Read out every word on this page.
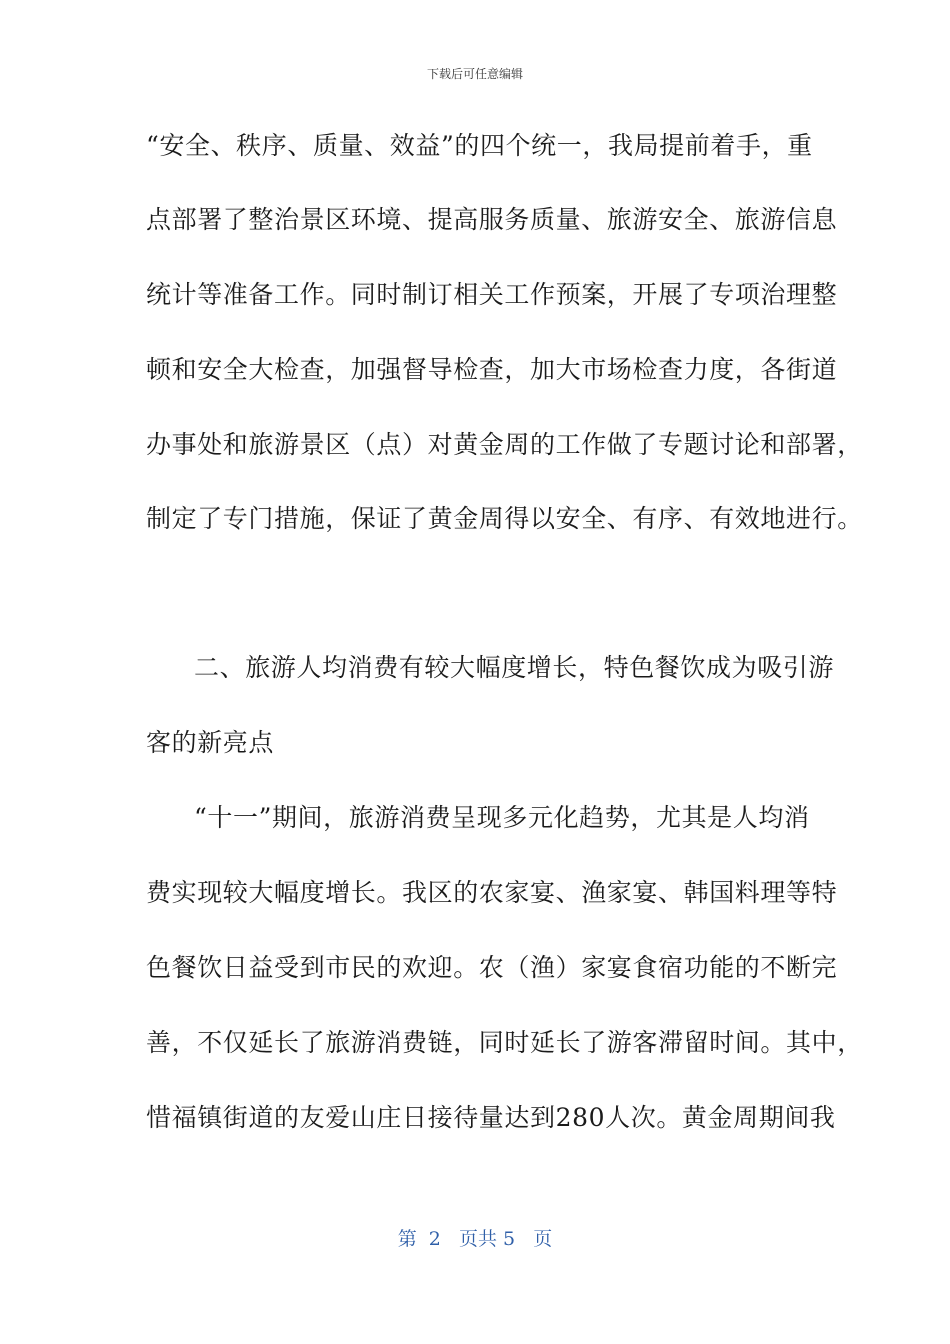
下载后可任意编辑
“安全、秩序、质量、效益”的四个统一，我局提前着手，重
点部署了整治景区环境、提高服务质量、旅游安全、旅游信息
统计等准备工作。同时制订相关工作预案，开展了专项治理整
顿和安全大检查，加强督导检查，加大市场检查力度，各街道
办事处和旅游景区（点）对黄金周的工作做了专题讨论和部署，
制定了专门措施，保证了黄金周得以安全、有序、有效地进行。
二、旅游人均消费有较大幅度增长，特色餐饮成为吸引游
客的新亮点
“十一”期间，旅游消费呈现多元化趋势，尤其是人均消
费实现较大幅度增长。我区的农家宴、渔家宴、韩国料理等特
色餐饮日益受到市民的欢迎。农（渔）家宴食宿功能的不断完
善，不仅延长了旅游消费链，同时延长了游客滞留时间。其中，
惜福镇街道的友爱山庄日接待量达到280人次。黄金周期间我
第  2   页共 5   页
